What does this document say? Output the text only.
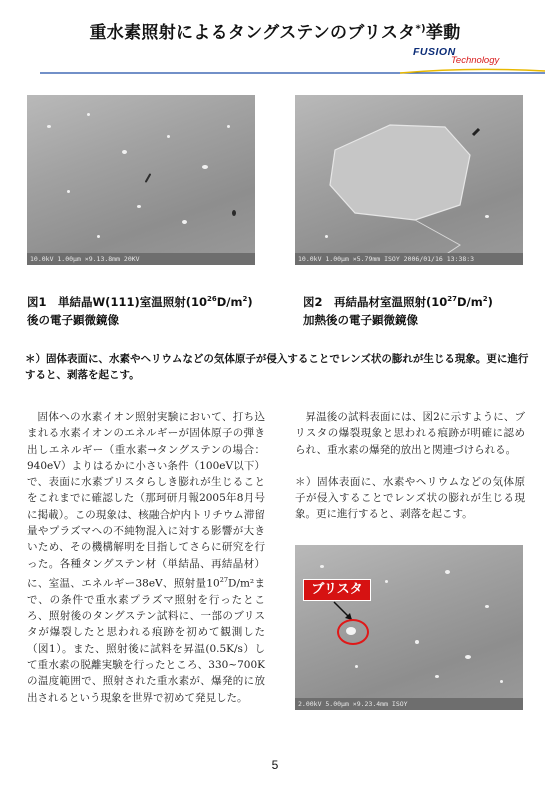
重水素照射によるタングステンのブリスタ*)挙動
FUSION
Technology
10.0kV 1.00μm ×9.13.8mm 20KV	10.0kV 1.00μm ×5.79mm ISOY 2006/01/16 13:38:3
図1　単結晶W(111)室温照射$(10^{26}D/m^2)$
後の電子顕微鏡像
図2　再結晶材室温照射$(10^{27}D/m^2)$
加熱後の電子顕微鏡像
＊）固体表面に、水素やヘリウムなどの気体原子が侵入することでレンズ状の膨れが生じる現象。更に進行すると、剥落を起こす。
固体への水素イオン照射実験において、打ち込まれる水素イオンのエネルギーが固体原子の弾き出しエネルギー（重水素→タングステンの場合：940eV）よりはるかに小さい条件（100eV以下）で、表面に水素ブリスタらしき膨れが生じることをこれまでに確認した（那珂研月報2005年8月号に掲載）。この現象は、核融合炉内トリチウム滞留量やプラズマへの不純物混入に対する影響が大きいため、その機構解明を目指してさらに研究を行った。各種タングステン材（単結晶、再結晶材）に、室温、エネルギー38eV、照射量$10^{27}D/m^2$まで、の条件で重水素プラズマ照射を行ったところ、照射後のタングステン試料に、一部のブリスタが爆裂したと思われる痕跡を初めて観測した（図1）。また、照射後に試料を昇温(0.5K/s）して重水素の脱離実験を行ったところ、330~700Kの温度範囲で、照射された重水素が、爆発的に放出されるという現象を世界で初めて発見した。
昇温後の試料表面には、図2に示すように、ブリスタの爆裂現象と思われる痕跡が明確に認められ、重水素の爆発的放出と関連づけられる。
＊）固体表面に、水素やヘリウムなどの気体原子が侵入することでレンズ状の膨れが生じる現象。更に進行すると、剥落を起こす。
2.00kV 5.00μm ×9.23.4mm ISOY
ブリスタ
5
